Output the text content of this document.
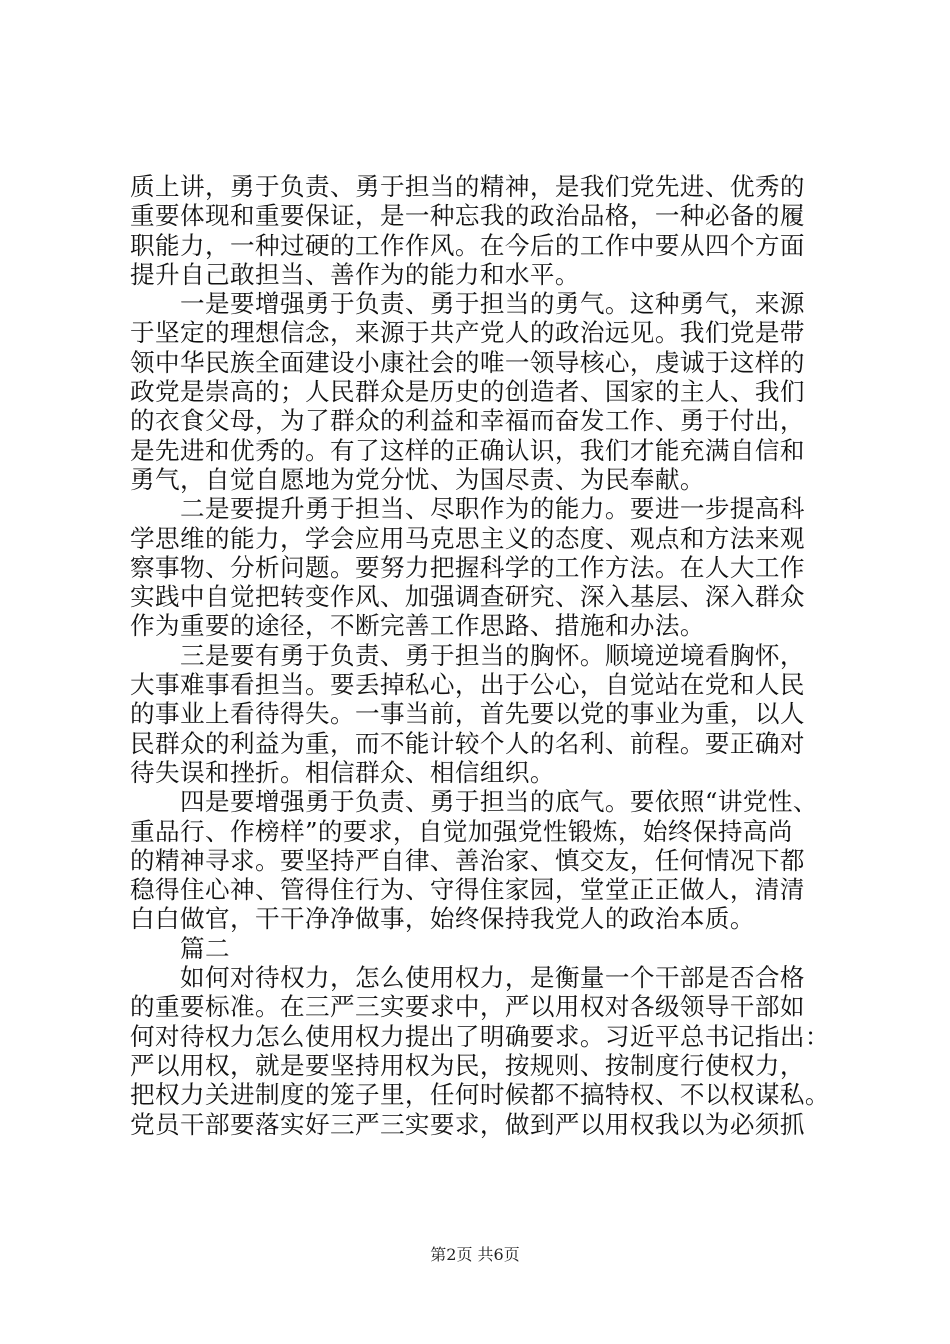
质上讲，勇于负责、勇于担当的精神，是我们党先进、优秀的
重要体现和重要保证，是一种忘我的政治品格，一种必备的履
职能力，一种过硬的工作作风。在今后的工作中要从四个方面
提升自己敢担当、善作为的能力和水平。
一是要增强勇于负责、勇于担当的勇气。这种勇气，来源
于坚定的理想信念，来源于共产党人的政治远见。我们党是带
领中华民族全面建设小康社会的唯一领导核心，虔诚于这样的
政党是崇高的；人民群众是历史的创造者、国家的主人、我们
的衣食父母，为了群众的利益和幸福而奋发工作、勇于付出，
是先进和优秀的。有了这样的正确认识，我们才能充满自信和
勇气，自觉自愿地为党分忧、为国尽责、为民奉献。
二是要提升勇于担当、尽职作为的能力。要进一步提高科
学思维的能力，学会应用马克思主义的态度、观点和方法来观
察事物、分析问题。要努力把握科学的工作方法。在人大工作
实践中自觉把转变作风、加强调查研究、深入基层、深入群众
作为重要的途径，不断完善工作思路、措施和办法。
三是要有勇于负责、勇于担当的胸怀。顺境逆境看胸怀，
大事难事看担当。要丢掉私心，出于公心，自觉站在党和人民
的事业上看待得失。一事当前，首先要以党的事业为重，以人
民群众的利益为重，而不能计较个人的名利、前程。要正确对
待失误和挫折。相信群众、相信组织。
四是要增强勇于负责、勇于担当的底气。要依照“讲党性、
重品行、作榜样”的要求，自觉加强党性锻炼，始终保持高尚
的精神寻求。要坚持严自律、善治家、慎交友，任何情况下都
稳得住心神、管得住行为、守得住家园，堂堂正正做人，清清
白白做官，干干净净做事，始终保持我党人的政治本质。
篇二
如何对待权力，怎么使用权力，是衡量一个干部是否合格
的重要标准。在三严三实要求中，严以用权对各级领导干部如
何对待权力怎么使用权力提出了明确要求。习近平总书记指出：
严以用权，就是要坚持用权为民，按规则、按制度行使权力，
把权力关进制度的笼子里，任何时候都不搞特权、不以权谋私。
党员干部要落实好三严三实要求，做到严以用权我以为必须抓
第2页 共6页
